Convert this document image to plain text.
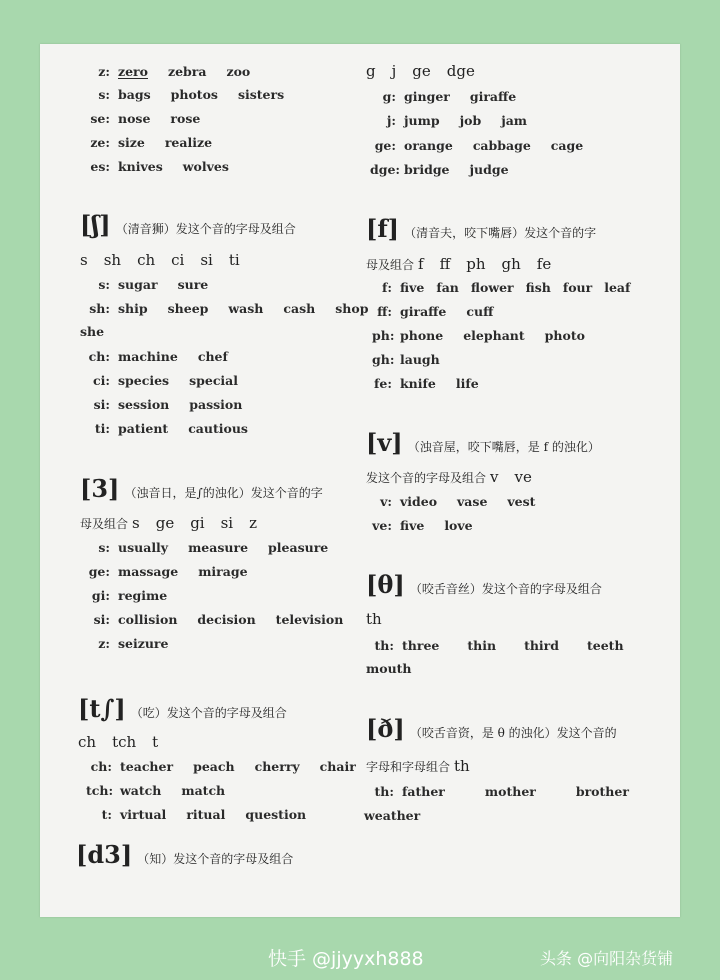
z: zero zebra zoo
s: bags photos sisters
se: nose rose
ze: size realize
es: knives wolves
[ʃ] （清音狮）发这个音的字母及组合
s sh ch ci si ti
s: sugar sure
sh: ship sheep wash cash shop
she
ch: machine chef
ci: species special
si: session passion
ti: patient cautious
[3] （浊音日，是∫的浊化）发这个音的字
母及组合 s ge gi si z
s: usually measure pleasure
ge: massage mirage
gi: regime
si: collision decision television
z: seizure
[t∫] （吃）发这个音的字母及组合
ch tch t
ch: teacher peach cherry chair
tch: watch match
t: virtual ritual question
[d3] （知）发这个音的字母及组合
g j ge dge
g: ginger giraffe
j: jump job jam
ge: orange cabbage cage
dge: bridge judge
[f] （清音夫，咬下嘴唇）发这个音的字
母及组合 f ff ph gh fe
f: five fan flower fish four leaf
ff: giraffe cuff
ph: phone elephant photo
gh: laugh
fe: knife life
[v] （浊音屋，咬下嘴唇，是 f 的浊化）
发这个音的字母及组合 v ve
v: video vase vest
ve: five love
[θ] （咬舌音丝）发这个音的字母及组合
th
th: three thin third teeth
mouth
[ð] （咬舌音资，是 θ 的浊化）发这个音的
字母和字母组合 th
th: father	mother	brother
weather
快手 @jjyyxh888	头条 @向阳杂货铺
